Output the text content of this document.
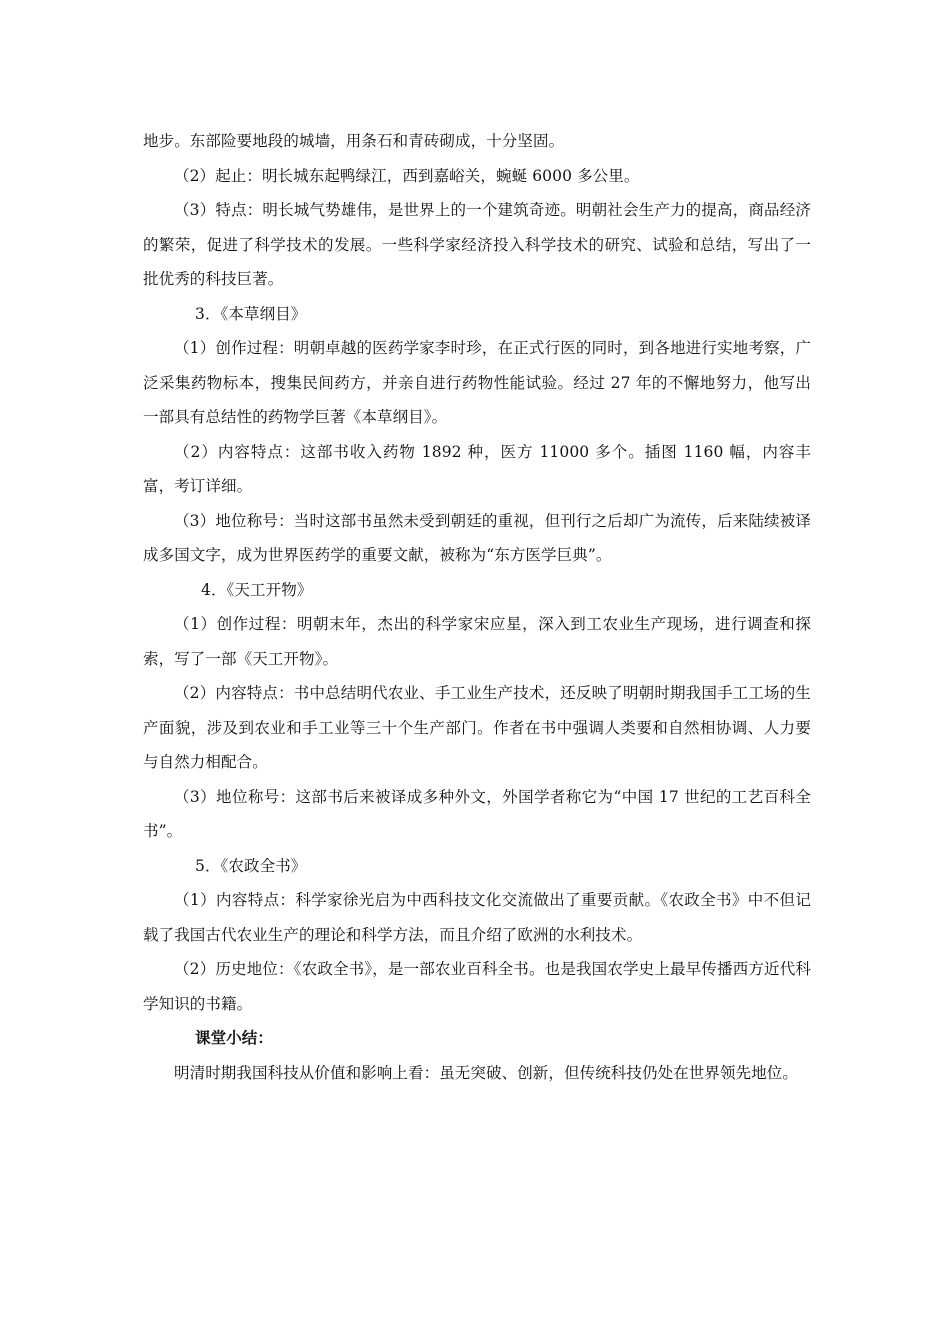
地步。东部险要地段的城墙，用条石和青砖砌成，十分坚固。

（2）起止：明长城东起鸭绿江，西到嘉峪关，蜿蜒 6000 多公里。

（3）特点：明长城气势雄伟，是世界上的一个建筑奇迹。明朝社会生产力的提高，商品经济的繁荣，促进了科学技术的发展。一些科学家经济投入科学技术的研究、试验和总结，写出了一批优秀的科技巨著。

3．《本草纲目》

（1）创作过程：明朝卓越的医药学家李时珍，在正式行医的同时，到各地进行实地考察，广泛采集药物标本，搜集民间药方，并亲自进行药物性能试验。经过 27 年的不懈地努力，他写出一部具有总结性的药物学巨著《本草纲目》。

（2）内容特点：这部书收入药物 1892 种，医方 11000 多个。插图 1160 幅，内容丰富，考订详细。

（3）地位称号：当时这部书虽然未受到朝廷的重视，但刊行之后却广为流传，后来陆续被译成多国文字，成为世界医药学的重要文献，被称为“东方医学巨典”。

4．《天工开物》

（1）创作过程：明朝末年，杰出的科学家宋应星，深入到工农业生产现场，进行调查和探索，写了一部《天工开物》。

（2）内容特点：书中总结明代农业、手工业生产技术，还反映了明朝时期我国手工工场的生产面貌，涉及到农业和手工业等三十个生产部门。作者在书中强调人类要和自然相协调、人力要与自然力相配合。

（3）地位称号：这部书后来被译成多种外文，外国学者称它为“中国 17 世纪的工艺百科全书”。

5．《农政全书》

（1）内容特点：科学家徐光启为中西科技文化交流做出了重要贡献。《农政全书》中不但记载了我国古代农业生产的理论和科学方法，而且介绍了欧洲的水利技术。

（2）历史地位：《农政全书》，是一部农业百科全书。也是我国农学史上最早传播西方近代科学知识的书籍。

课堂小结：

明清时期我国科技从价值和影响上看：虽无突破、创新，但传统科技仍处在世界领先地位。
